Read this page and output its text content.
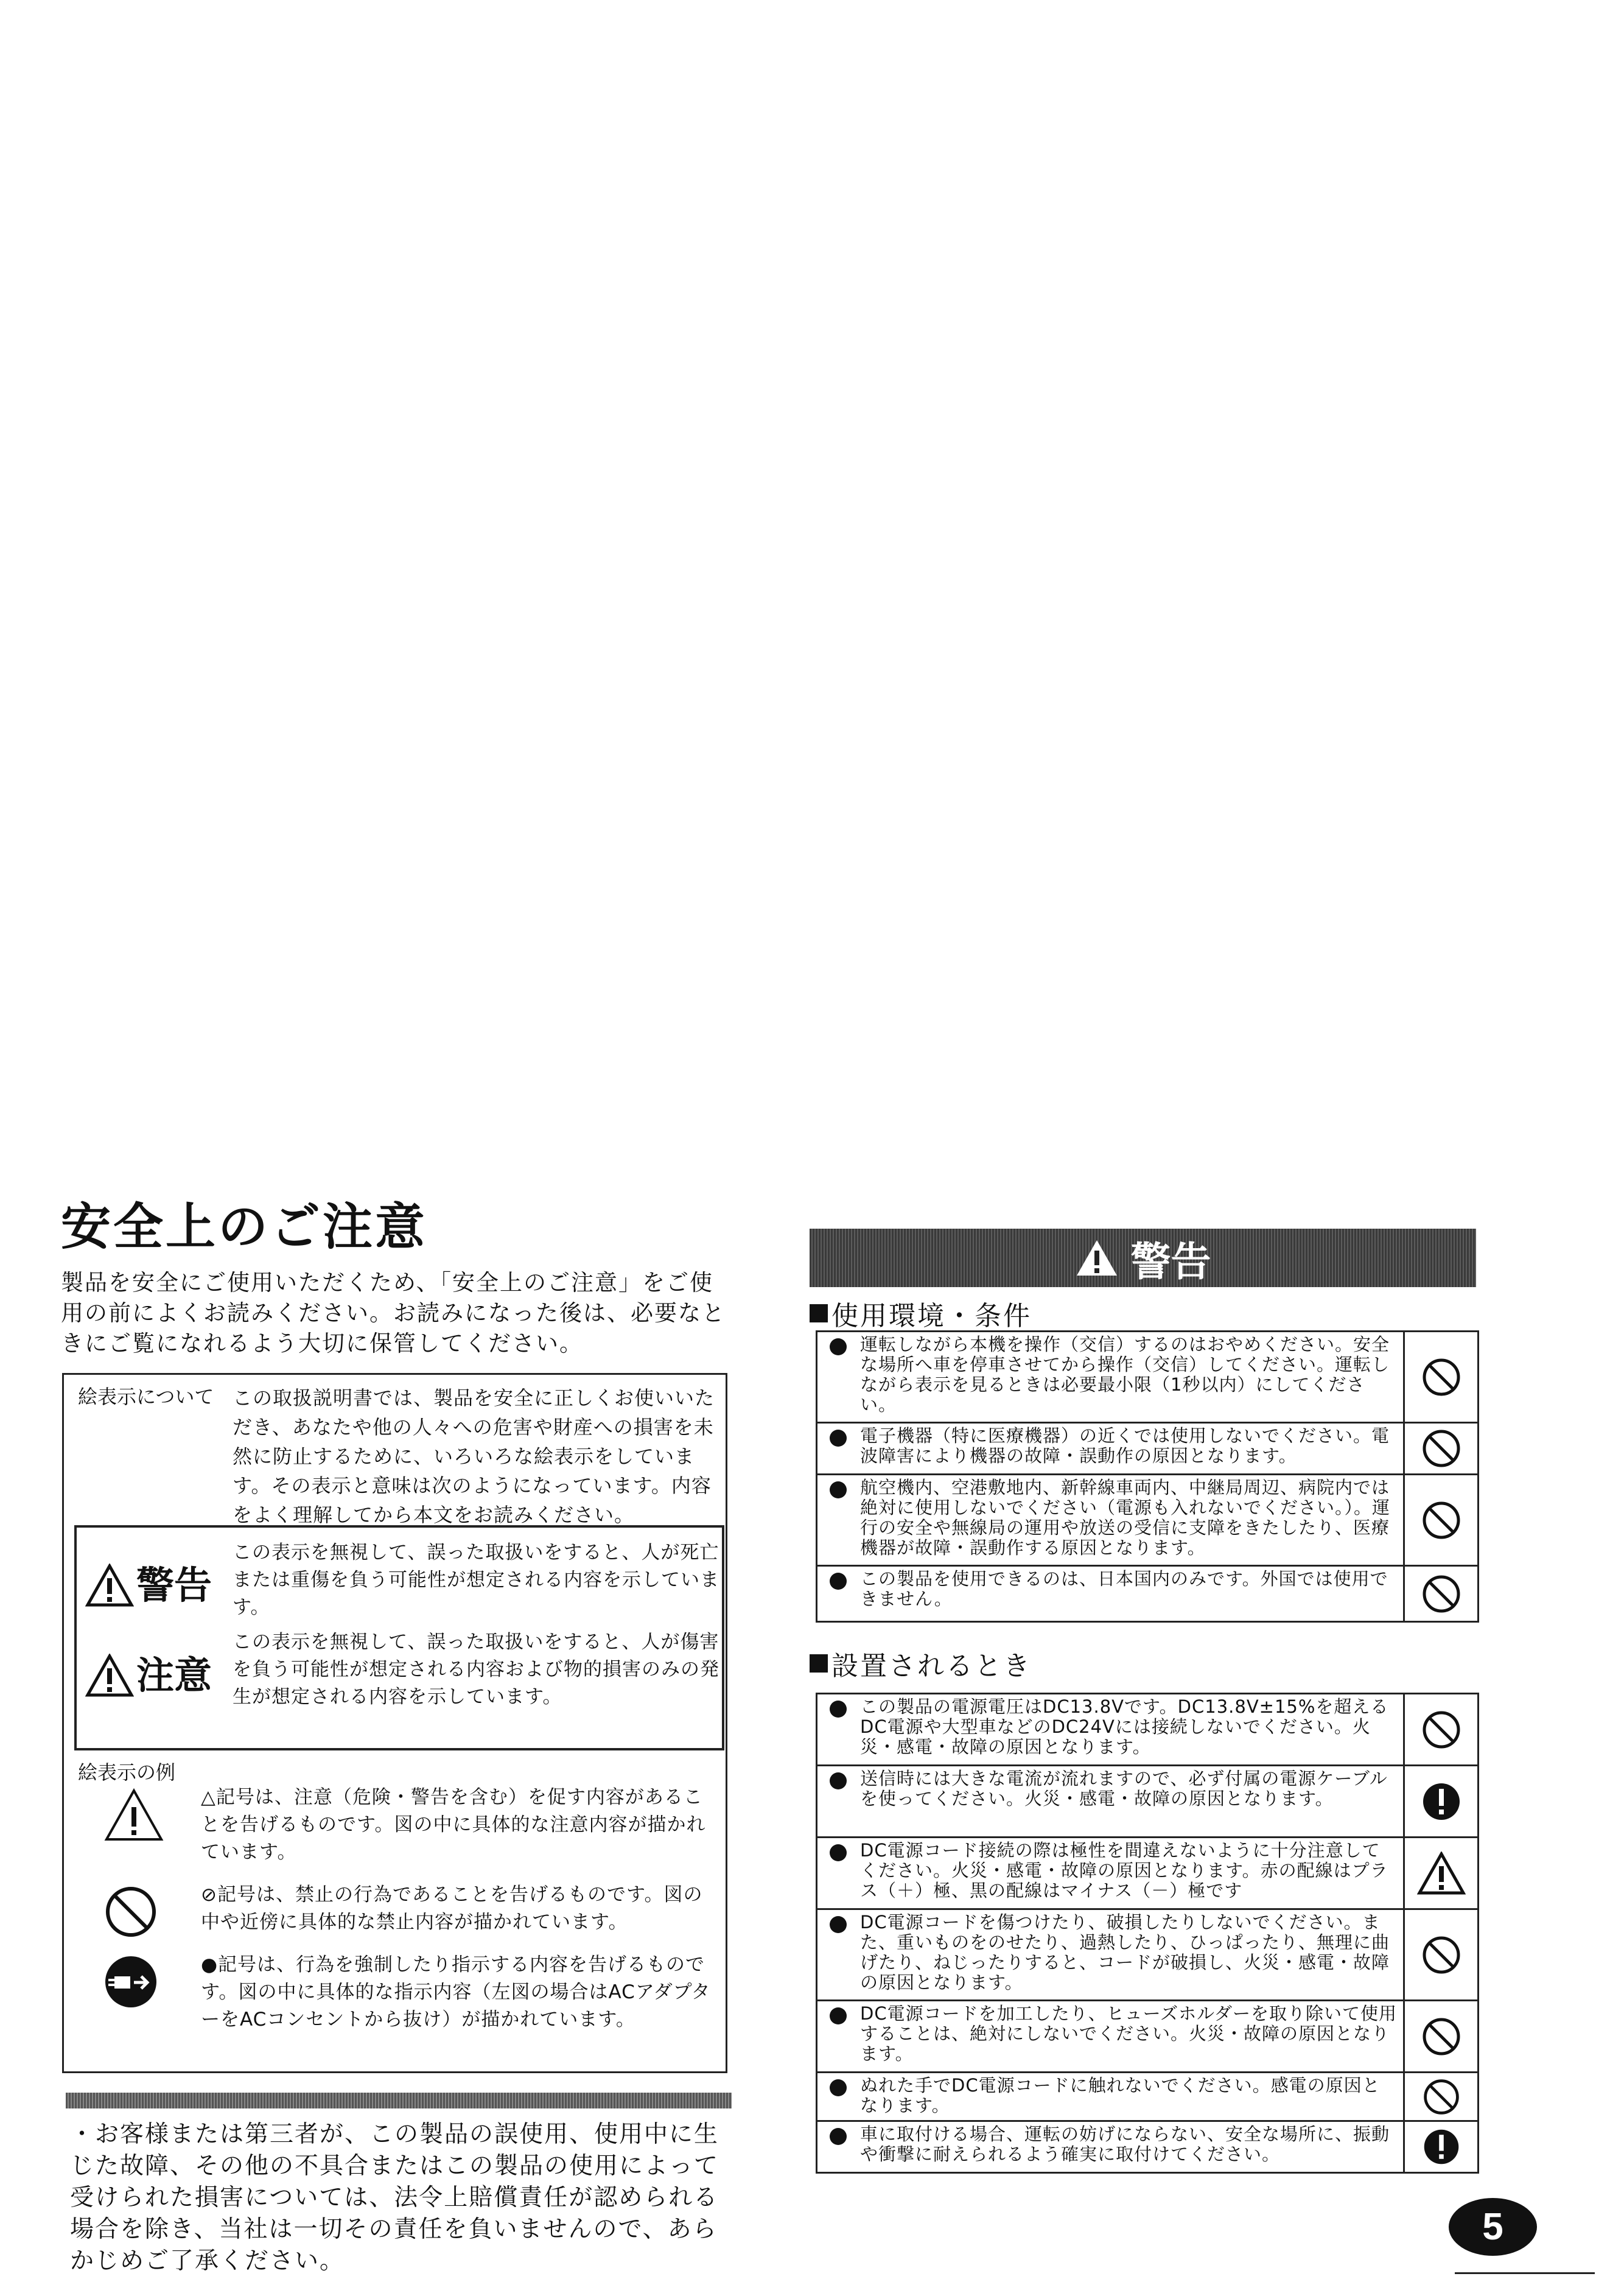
安全上のご注意
製品を安全にご使用いただくため、「安全上のご注意」をご使用の前によくお読みください。お読みになった後は、必要なときにご覧になれるよう大切に保管してください。
絵表示について この取扱説明書では、製品を安全に正しくお使いいただき、あなたや他の人々への危害や財産への損害を未然に防止するために、いろいろな絵表示をしています。その表示と意味は次のようになっています。内容をよく理解してから本文をお読みください。
警告
この表示を無視して、誤った取扱いをすると、人が死亡または重傷を負う可能性が想定される内容を示しています。
注意
この表示を無視して、誤った取扱いをすると、人が傷害を負う可能性が想定される内容および物的損害のみの発生が想定される内容を示しています。
絵表示の例
△記号は、注意（危険・警告を含む）を促す内容があることを告げるものです。図の中に具体的な注意内容が描かれています。
⊘記号は、禁止の行為であることを告げるものです。図の中や近傍に具体的な禁止内容が描かれています。
●記号は、行為を強制したり指示する内容を告げるものです。図の中に具体的な指示内容（左図の場合はACアダプターをACコンセントから抜け）が描かれています。
・お客様または第三者が、この製品の誤使用、使用中に生じた故障、その他の不具合またはこの製品の使用によって受けられた損害については、法令上賠償責任が認められる場合を除き、当社は一切その責任を負いませんので、あらかじめご了承ください。
警告
使用環境・条件
運転しながら本機を操作（交信）するのはおやめください。安全な場所へ車を停車させてから操作（交信）してください。運転しながら表示を見るときは必要最小限（1秒以内）にしてください。
電子機器（特に医療機器）の近くでは使用しないでください。電波障害により機器の故障・誤動作の原因となります。
航空機内、空港敷地内、新幹線車両内、中継局周辺、病院内では絶対に使用しないでください（電源も入れないでください。）。運行の安全や無線局の運用や放送の受信に支障をきたしたり、医療機器が故障・誤動作する原因となります。
この製品を使用できるのは、日本国内のみです。外国では使用できません。
設置されるとき
この製品の電源電圧はDC13.8Vです。DC13.8V±15%を超えるDC電源や大型車などのDC24Vには接続しないでください。火災・感電・故障の原因となります。
送信時には大きな電流が流れますので、必ず付属の電源ケーブルを使ってください。火災・感電・故障の原因となります。
DC電源コード接続の際は極性を間違えないように十分注意してください。火災・感電・故障の原因となります。赤の配線はプラス（＋）極、黒の配線はマイナス（－）極です
DC電源コードを傷つけたり、破損したりしないでください。また、重いものをのせたり、過熱したり、ひっぱったり、無理に曲げたり、ねじったりすると、コードが破損し、火災・感電・故障の原因となります。
DC電源コードを加工したり、ヒューズホルダーを取り除いて使用することは、絶対にしないでください。火災・故障の原因となります。
ぬれた手でDC電源コードに触れないでください。感電の原因となります。
車に取付ける場合、運転の妨げにならない、安全な場所に、振動や衝撃に耐えられるよう確実に取付けてください。
5
